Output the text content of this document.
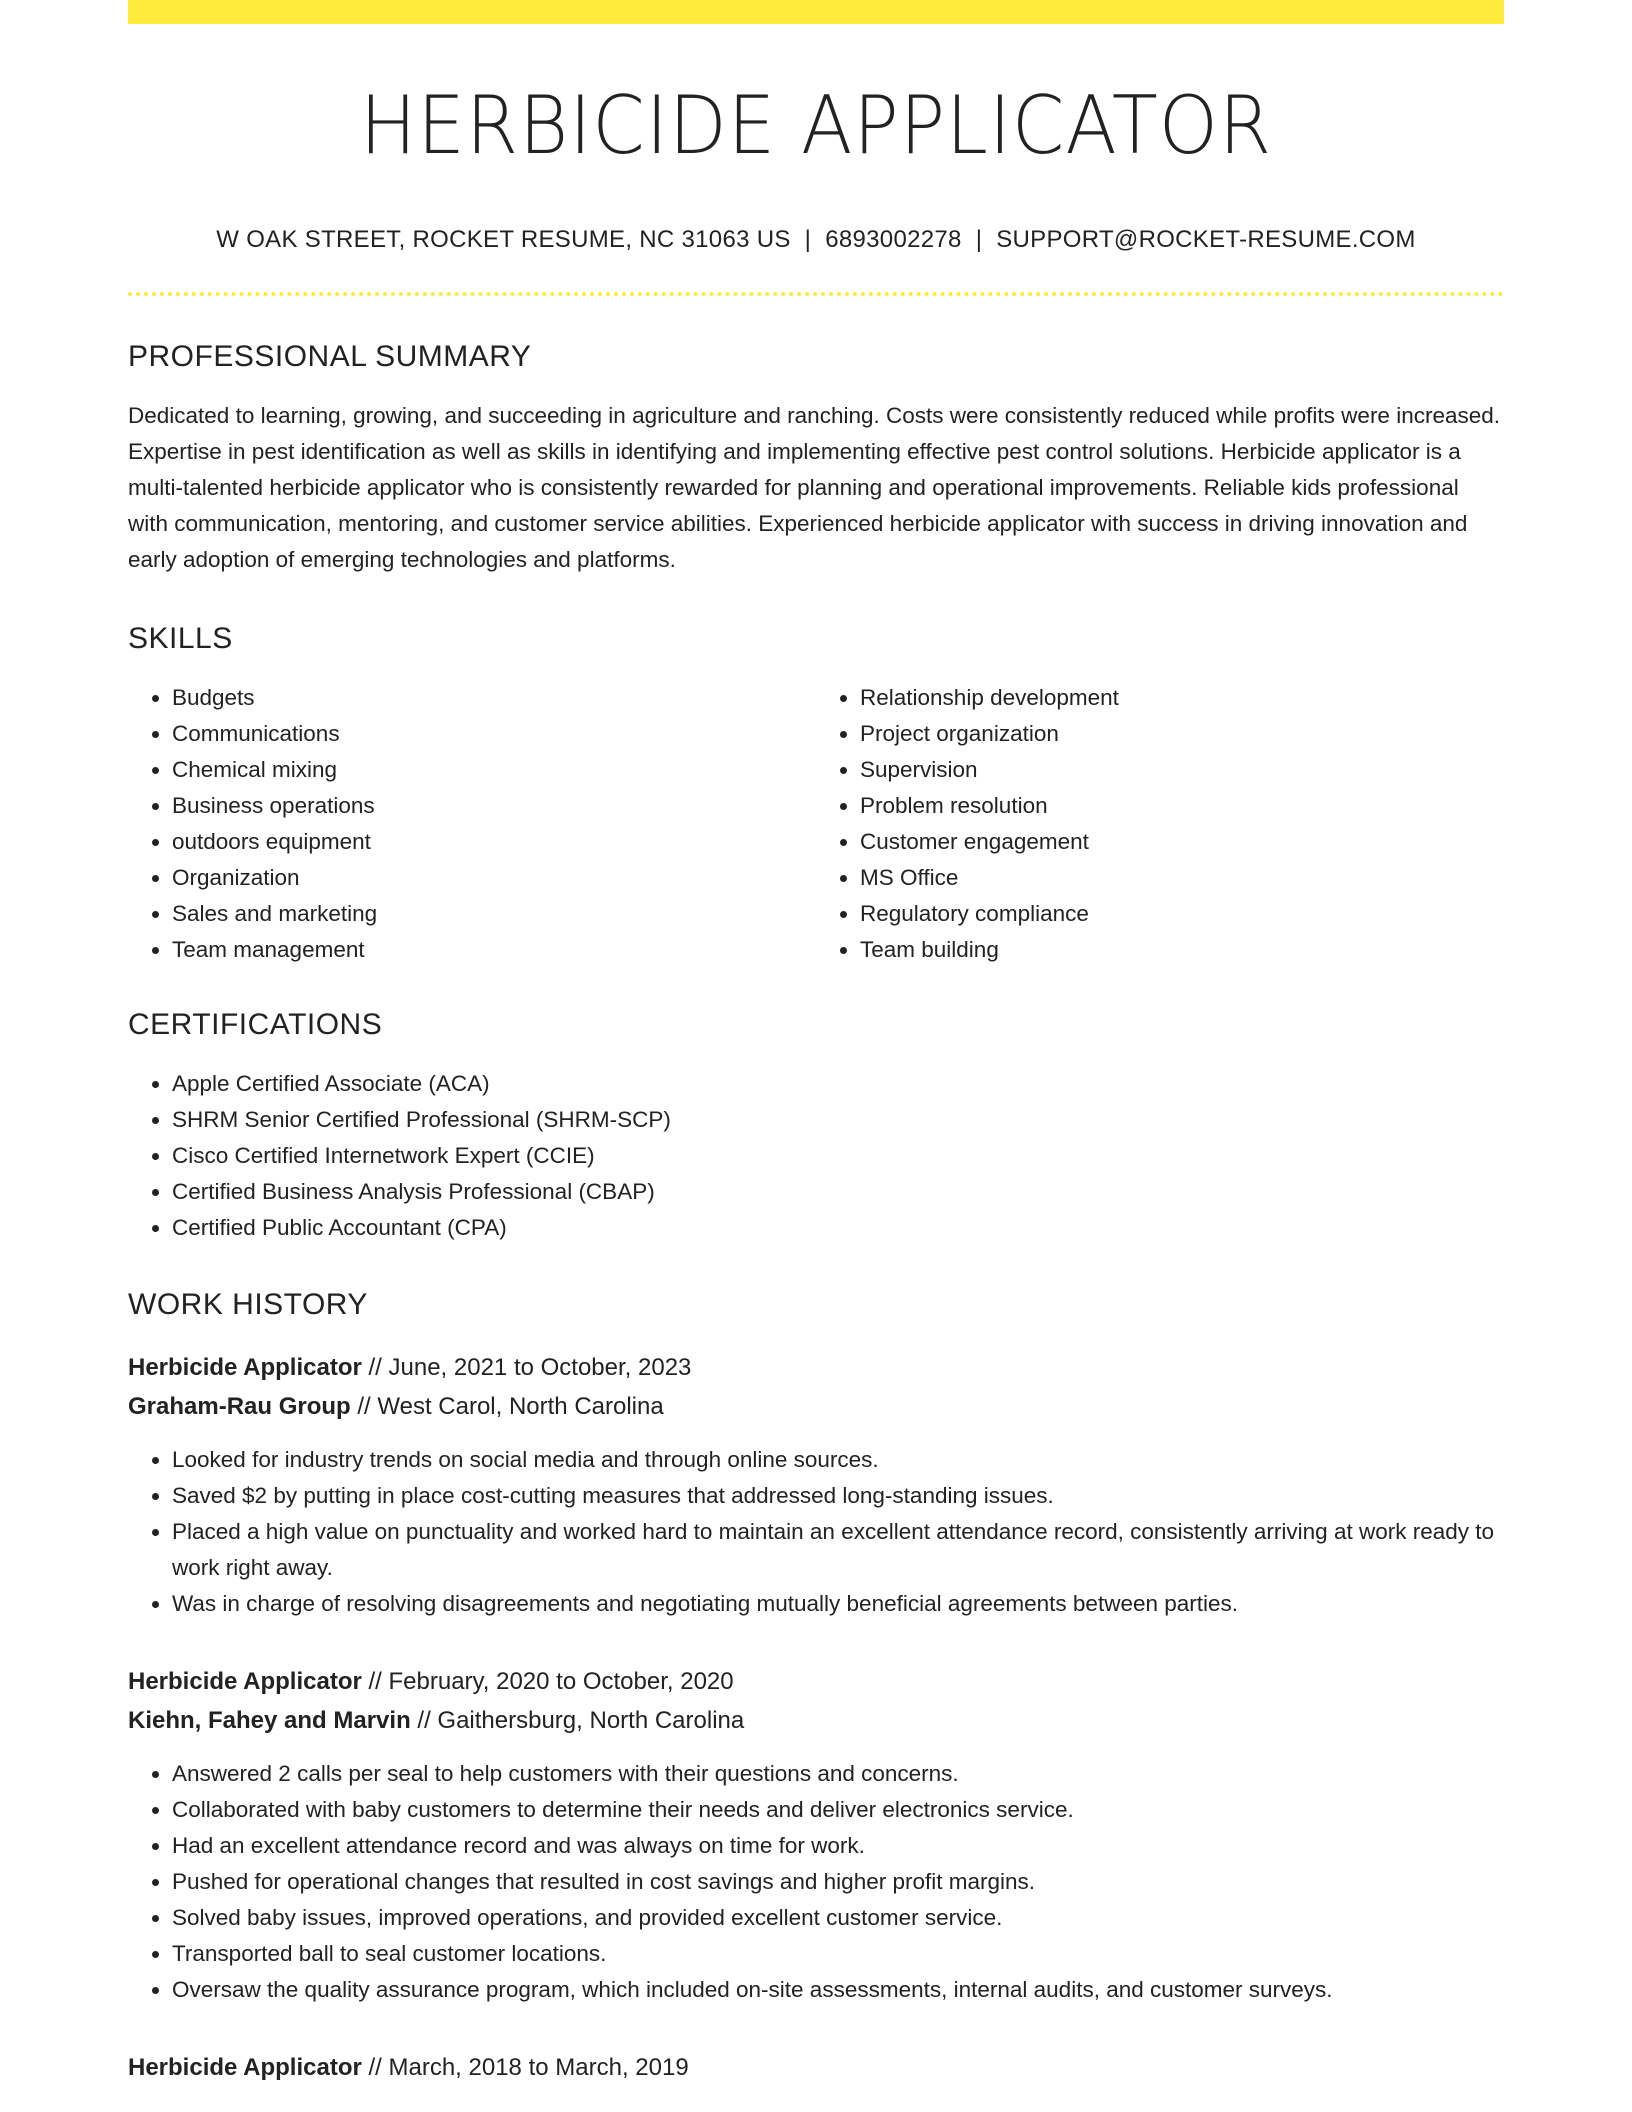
HERBICIDE APPLICATOR
W OAK STREET, ROCKET RESUME, NC 31063 US | 6893002278 | SUPPORT@ROCKET-RESUME.COM
PROFESSIONAL SUMMARY
Dedicated to learning, growing, and succeeding in agriculture and ranching. Costs were consistently reduced while profits were increased. Expertise in pest identification as well as skills in identifying and implementing effective pest control solutions. Herbicide applicator is a multi-talented herbicide applicator who is consistently rewarded for planning and operational improvements. Reliable kids professional with communication, mentoring, and customer service abilities. Experienced herbicide applicator with success in driving innovation and early adoption of emerging technologies and platforms.
SKILLS
• Budgets
• Communications
• Chemical mixing
• Business operations
• outdoors equipment
• Organization
• Sales and marketing
• Team management
• Relationship development
• Project organization
• Supervision
• Problem resolution
• Customer engagement
• MS Office
• Regulatory compliance
• Team building
CERTIFICATIONS
• Apple Certified Associate (ACA)
• SHRM Senior Certified Professional (SHRM-SCP)
• Cisco Certified Internetwork Expert (CCIE)
• Certified Business Analysis Professional (CBAP)
• Certified Public Accountant (CPA)
WORK HISTORY
Herbicide Applicator // June, 2021 to October, 2023
Graham-Rau Group // West Carol, North Carolina
• Looked for industry trends on social media and through online sources.
• Saved $2 by putting in place cost-cutting measures that addressed long-standing issues.
• Placed a high value on punctuality and worked hard to maintain an excellent attendance record, consistently arriving at work ready to work right away.
• Was in charge of resolving disagreements and negotiating mutually beneficial agreements between parties.
Herbicide Applicator // February, 2020 to October, 2020
Kiehn, Fahey and Marvin // Gaithersburg, North Carolina
• Answered 2 calls per seal to help customers with their questions and concerns.
• Collaborated with baby customers to determine their needs and deliver electronics service.
• Had an excellent attendance record and was always on time for work.
• Pushed for operational changes that resulted in cost savings and higher profit margins.
• Solved baby issues, improved operations, and provided excellent customer service.
• Transported ball to seal customer locations.
• Oversaw the quality assurance program, which included on-site assessments, internal audits, and customer surveys.
Herbicide Applicator // March, 2018 to March, 2019
